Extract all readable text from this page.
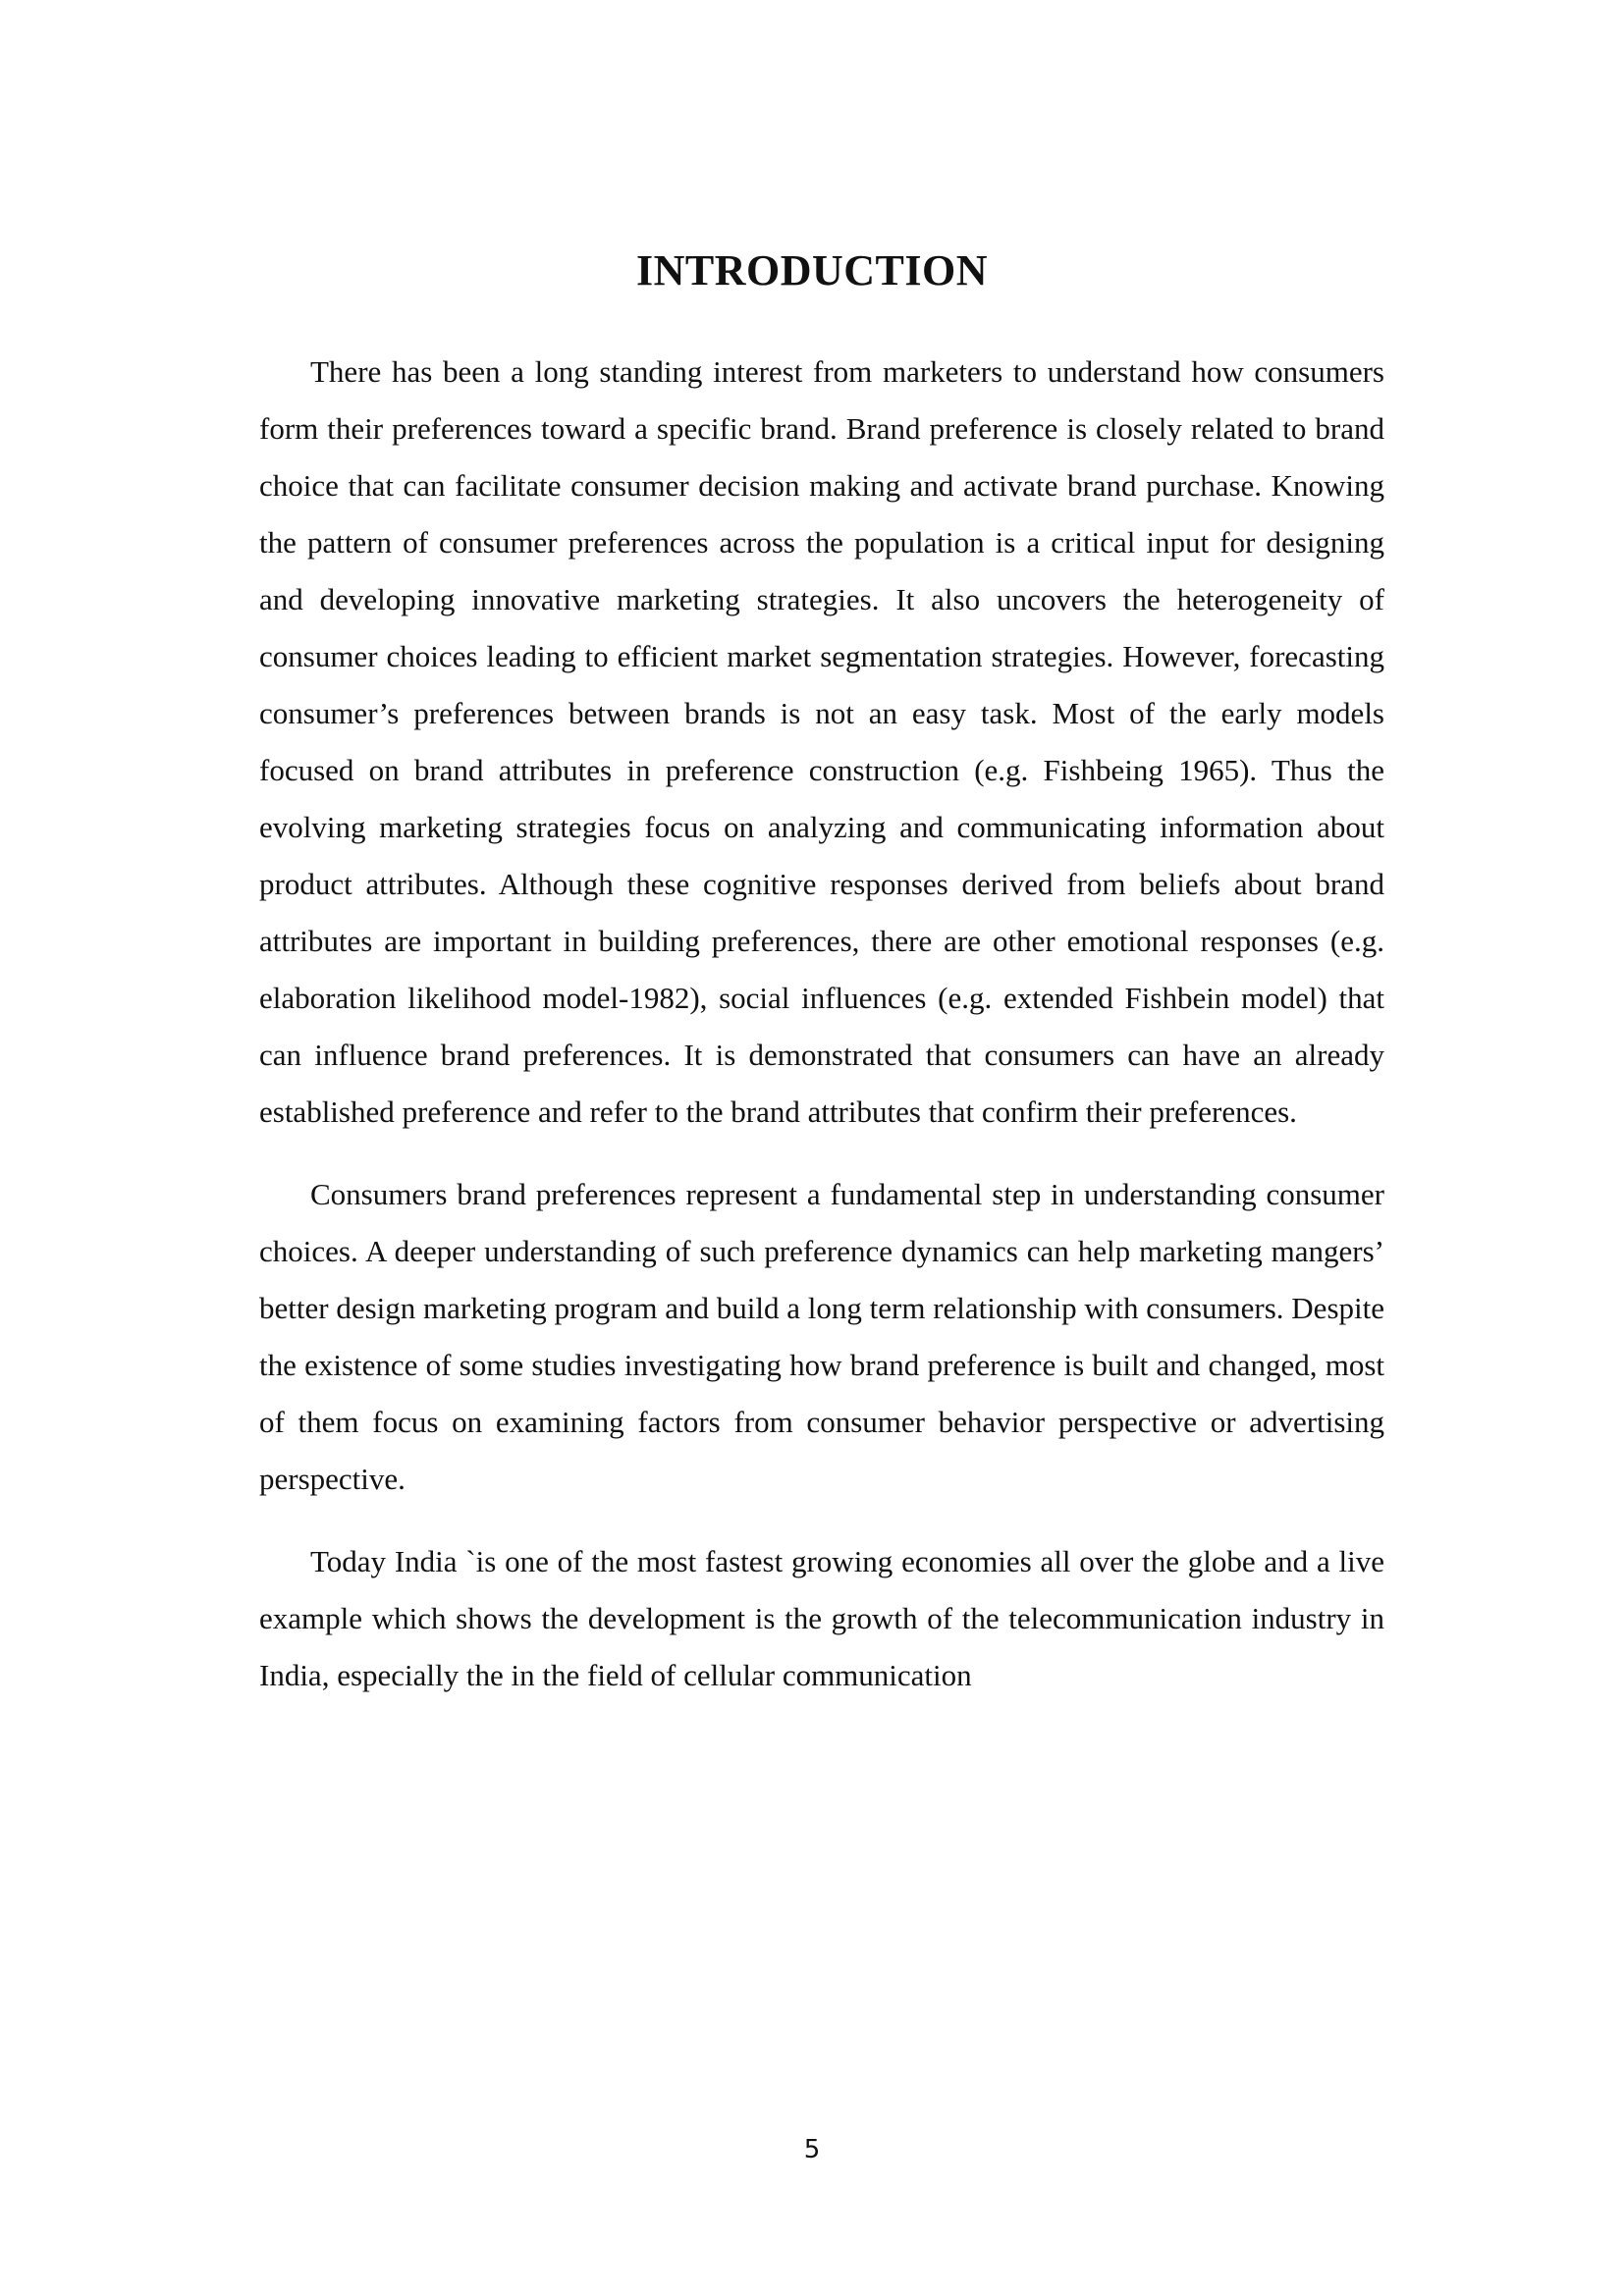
INTRODUCTION

There has been a long standing interest from marketers to understand how consumers form their preferences toward a specific brand. Brand preference is closely related to brand choice that can facilitate consumer decision making and activate brand purchase. Knowing the pattern of consumer preferences across the population is a critical input for designing and developing innovative marketing strategies. It also uncovers the heterogeneity of consumer choices leading to efficient market segmentation strategies. However, forecasting consumer’s preferences between brands is not an easy task. Most of the early models focused on brand attributes in preference construction (e.g. Fishbeing 1965). Thus the evolving marketing strategies focus on analyzing and communicating information about product attributes. Although these cognitive responses derived from beliefs about brand attributes are important in building preferences, there are other emotional responses (e.g. elaboration likelihood model-1982), social influences (e.g. extended Fishbein model) that can influence brand preferences. It is demonstrated that consumers can have an already established preference and refer to the brand attributes that confirm their preferences.

Consumers brand preferences represent a fundamental step in understanding consumer choices. A deeper understanding of such preference dynamics can help marketing mangers’ better design marketing program and build a long term relationship with consumers. Despite the existence of some studies investigating how brand preference is built and changed, most of them focus on examining factors from consumer behavior perspective or advertising perspective.

Today India `is one of the most fastest growing economies all over the globe and a live example which shows the development is the growth of the telecommunication industry in India, especially the in the field of cellular communication

5
